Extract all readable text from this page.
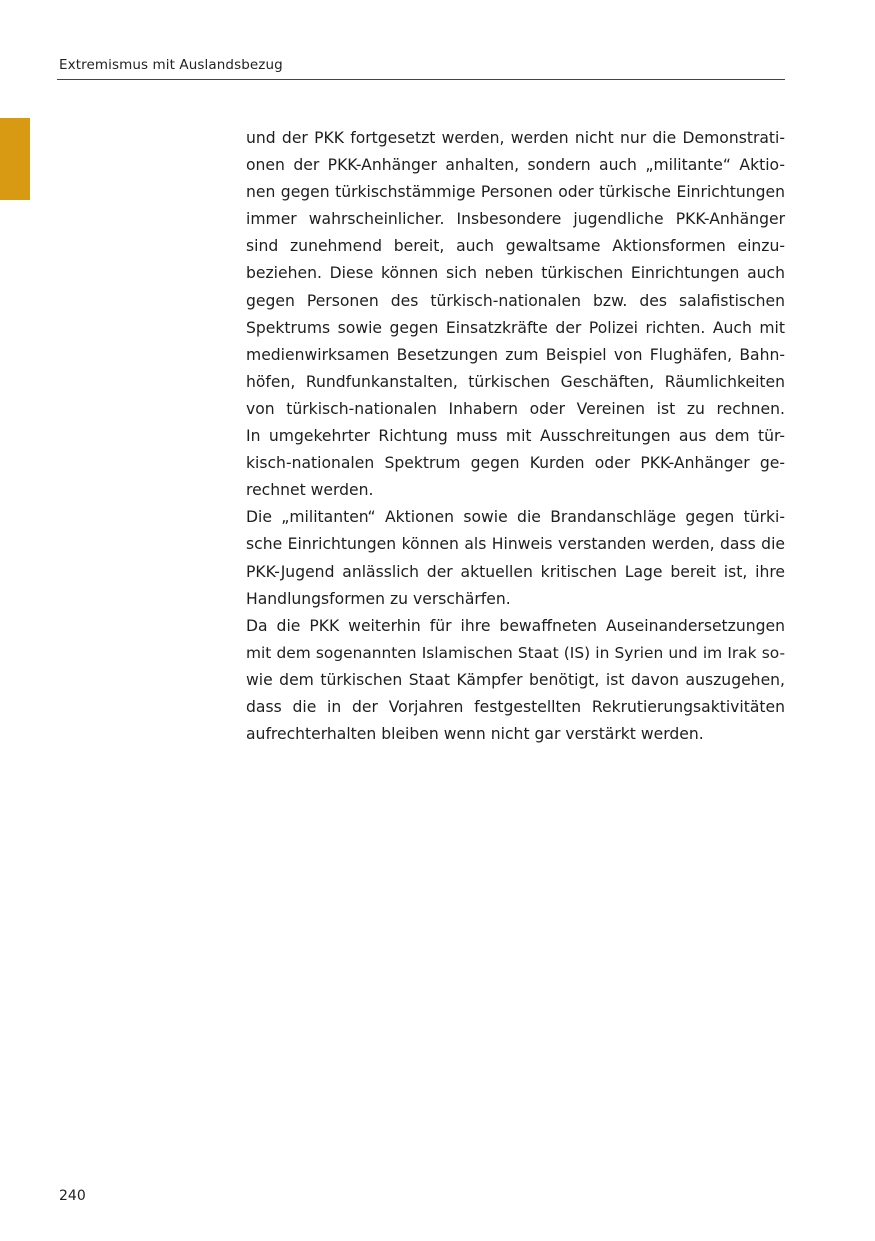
Extremismus mit Auslandsbezug
und der PKK fortgesetzt werden, werden nicht nur die Demonstrati-
onen der PKK-Anhänger anhalten, sondern auch „militante“ Aktio-
nen gegen türkischstämmige Personen oder türkische Einrichtungen
immer wahrscheinlicher. Insbesondere jugendliche PKK-Anhänger
sind zunehmend bereit, auch gewaltsame Aktionsformen einzu-
beziehen. Diese können sich neben türkischen Einrichtungen auch
gegen Personen des türkisch-nationalen bzw. des salafistischen
Spektrums sowie gegen Einsatzkräfte der Polizei richten. Auch mit
medienwirksamen Besetzungen zum Beispiel von Flughäfen, Bahn-
höfen, Rundfunkanstalten, türkischen Geschäften, Räumlichkeiten
von türkisch-nationalen Inhabern oder Vereinen ist zu rechnen.
In umgekehrter Richtung muss mit Ausschreitungen aus dem tür-
kisch-nationalen Spektrum gegen Kurden oder PKK-Anhänger ge-
rechnet werden.
Die „militanten“ Aktionen sowie die Brandanschläge gegen türki-
sche Einrichtungen können als Hinweis verstanden werden, dass die
PKK-Jugend anlässlich der aktuellen kritischen Lage bereit ist, ihre
Handlungsformen zu verschärfen.
Da die PKK weiterhin für ihre bewaffneten Auseinandersetzungen
mit dem sogenannten Islamischen Staat (IS) in Syrien und im Irak so-
wie dem türkischen Staat Kämpfer benötigt, ist davon auszugehen,
dass die in der Vorjahren festgestellten Rekrutierungsaktivitäten
aufrechterhalten bleiben wenn nicht gar verstärkt werden.
240
